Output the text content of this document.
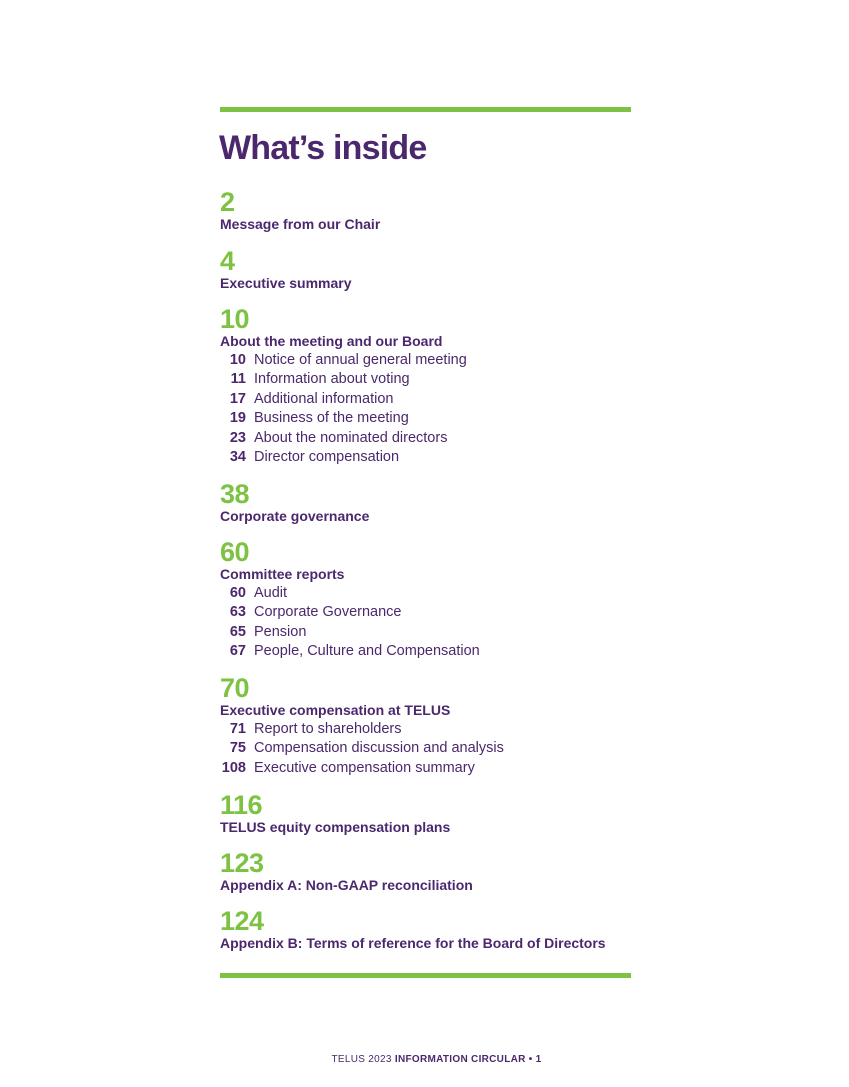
What’s inside
2
Message from our Chair
4
Executive summary
10
About the meeting and our Board
10 Notice of annual general meeting
11 Information about voting
17 Additional information
19 Business of the meeting
23 About the nominated directors
34 Director compensation
38
Corporate governance
60
Committee reports
60 Audit
63 Corporate Governance
65 Pension
67 People, Culture and Compensation
70
Executive compensation at TELUS
71 Report to shareholders
75 Compensation discussion and analysis
108 Executive compensation summary
116
TELUS equity compensation plans
123
Appendix A: Non-GAAP reconciliation
124
Appendix B: Terms of reference for the Board of Directors
TELUS 2023 INFORMATION CIRCULAR • 1
